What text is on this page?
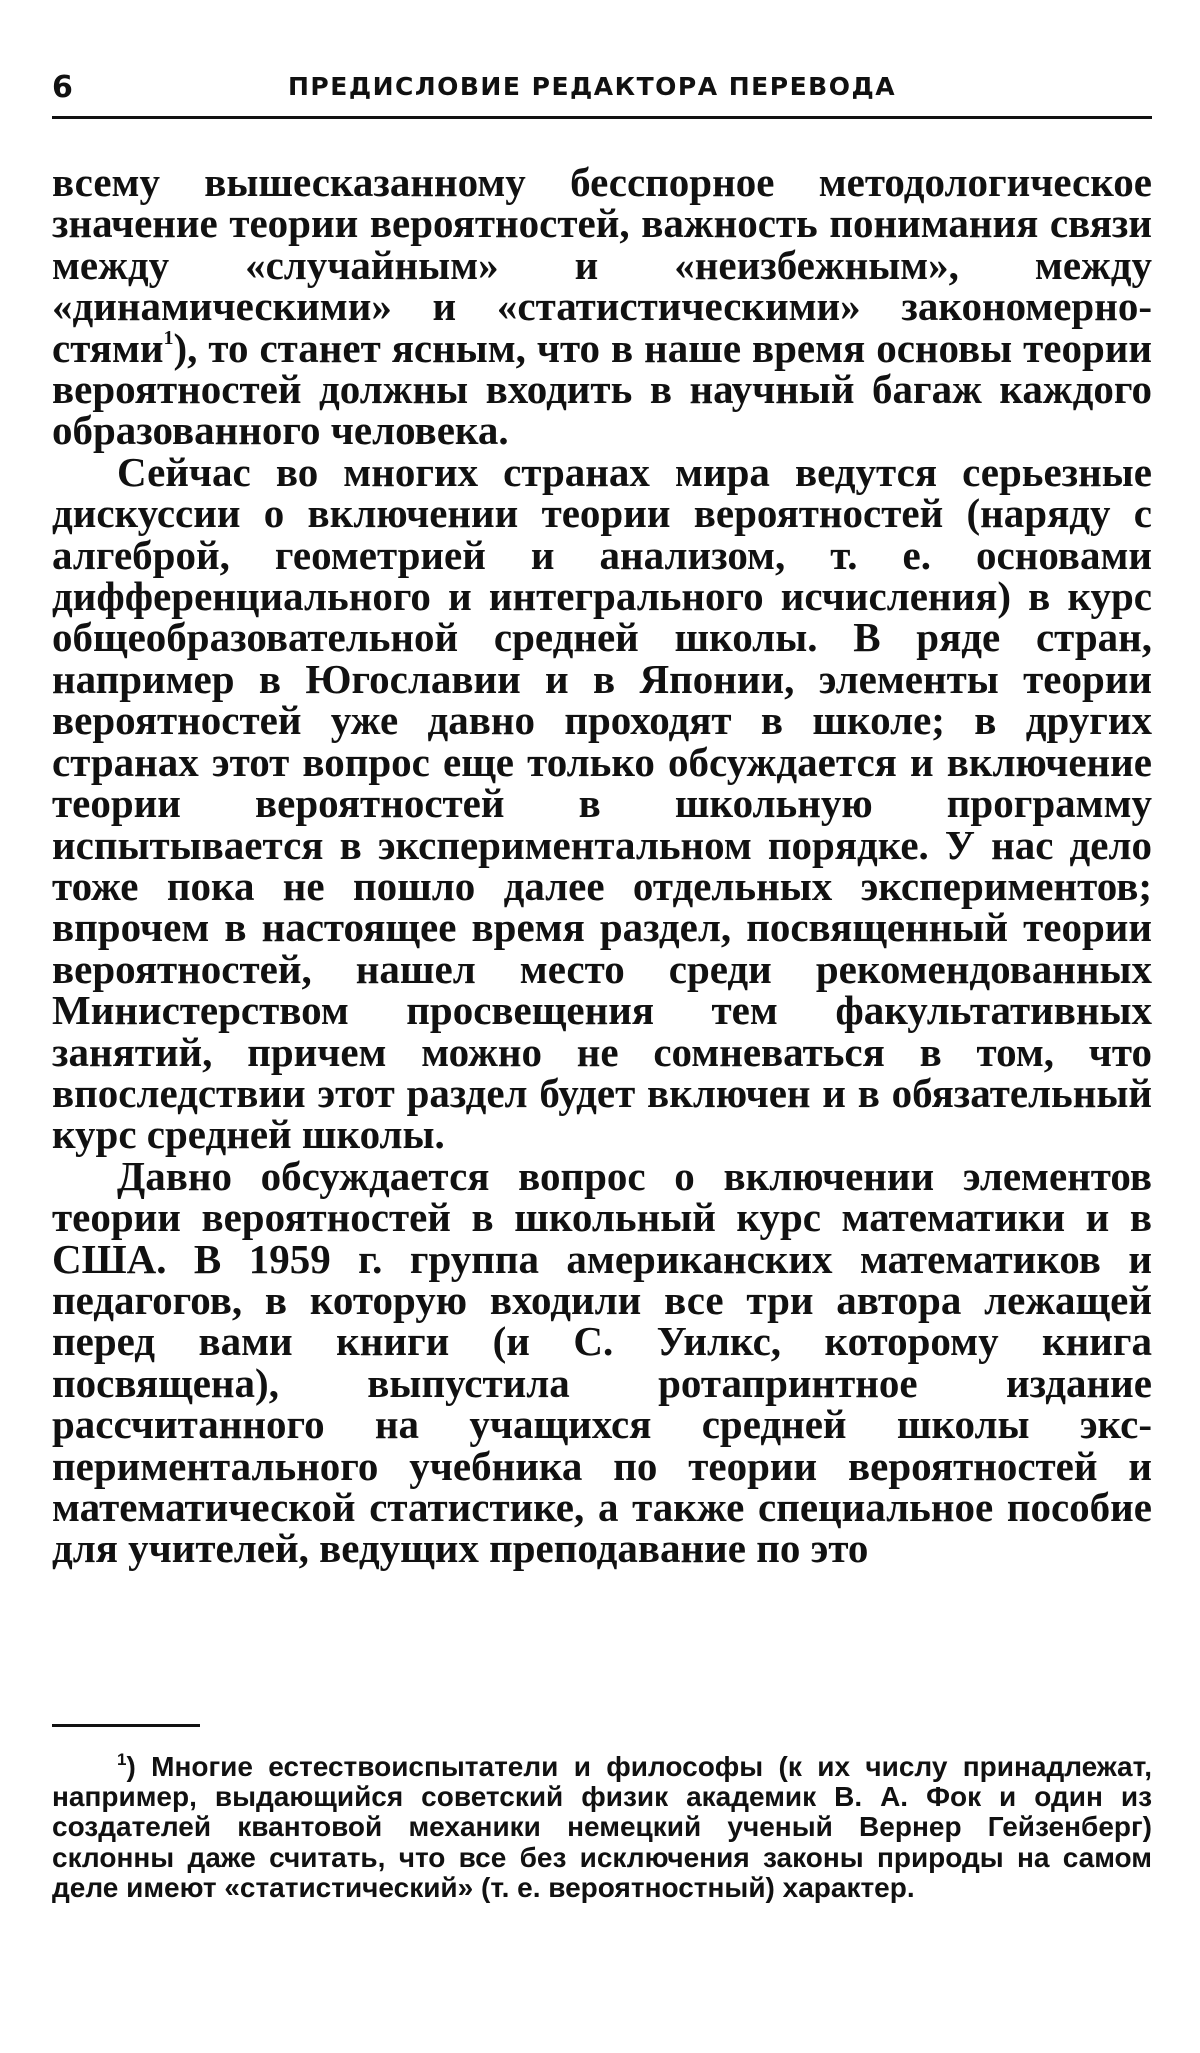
6	ПРЕДИСЛОВИЕ РЕДАКТОРА ПЕРЕВОДА

всему вышесказанному бесспорное методологическое значение теории вероятностей, важность понимания связи между «случайным» и «неизбежным», между «динамическими» и «статистическими» закономерностями$^1$), то станет ясным, что в наше время основы теории вероятностей должны входить в научный багаж каждого образованного человека.

Сейчас во многих странах мира ведутся серьезные дискуссии о включении теории вероятностей (наряду с алгеброй, геометрией и анализом, т. е. основами дифференциального и интегрального исчисления) в курс общеобразовательной средней школы. В ряде стран, например в Югославии и в Японии, элементы теории вероятностей уже давно проходят в школе; в других странах этот вопрос еще только обсуждается и включение теории вероятностей в школьную программу испытывается в экспериментальном порядке. У нас дело тоже пока не пошло далее отдельных экспериментов; впрочем в настоящее время раздел, посвященный теории вероятностей, нашел место среди рекомендованных Министерством просвещения тем факультативных занятий, причем можно не сомневаться в том, что впоследствии этот раздел будет включен и в обязательный курс средней школы.

Давно обсуждается вопрос о включении элементов теории вероятностей в школьный курс математики и в США. В 1959 г. группа американских математиков и педагогов, в которую входили все три автора лежащей перед вами книги (и С. Уилкс, которому книга посвящена), выпустила ротапринтное издание рассчитанного на учащихся средней школы экспериментального учебника по теории вероятностей и математической статистике, а также специальное пособие для учителей, ведущих преподавание по это

$^1$) Многие естествоиспытатели и философы (к их числу принадлежат, например, выдающийся советский физик академик В. А. Фок и один из создателей квантовой механики немецкий ученый Вернер Гейзенберг) склонны даже считать, что все без исключения законы природы на самом деле имеют «статистический» (т. е. вероятностный) характер.
